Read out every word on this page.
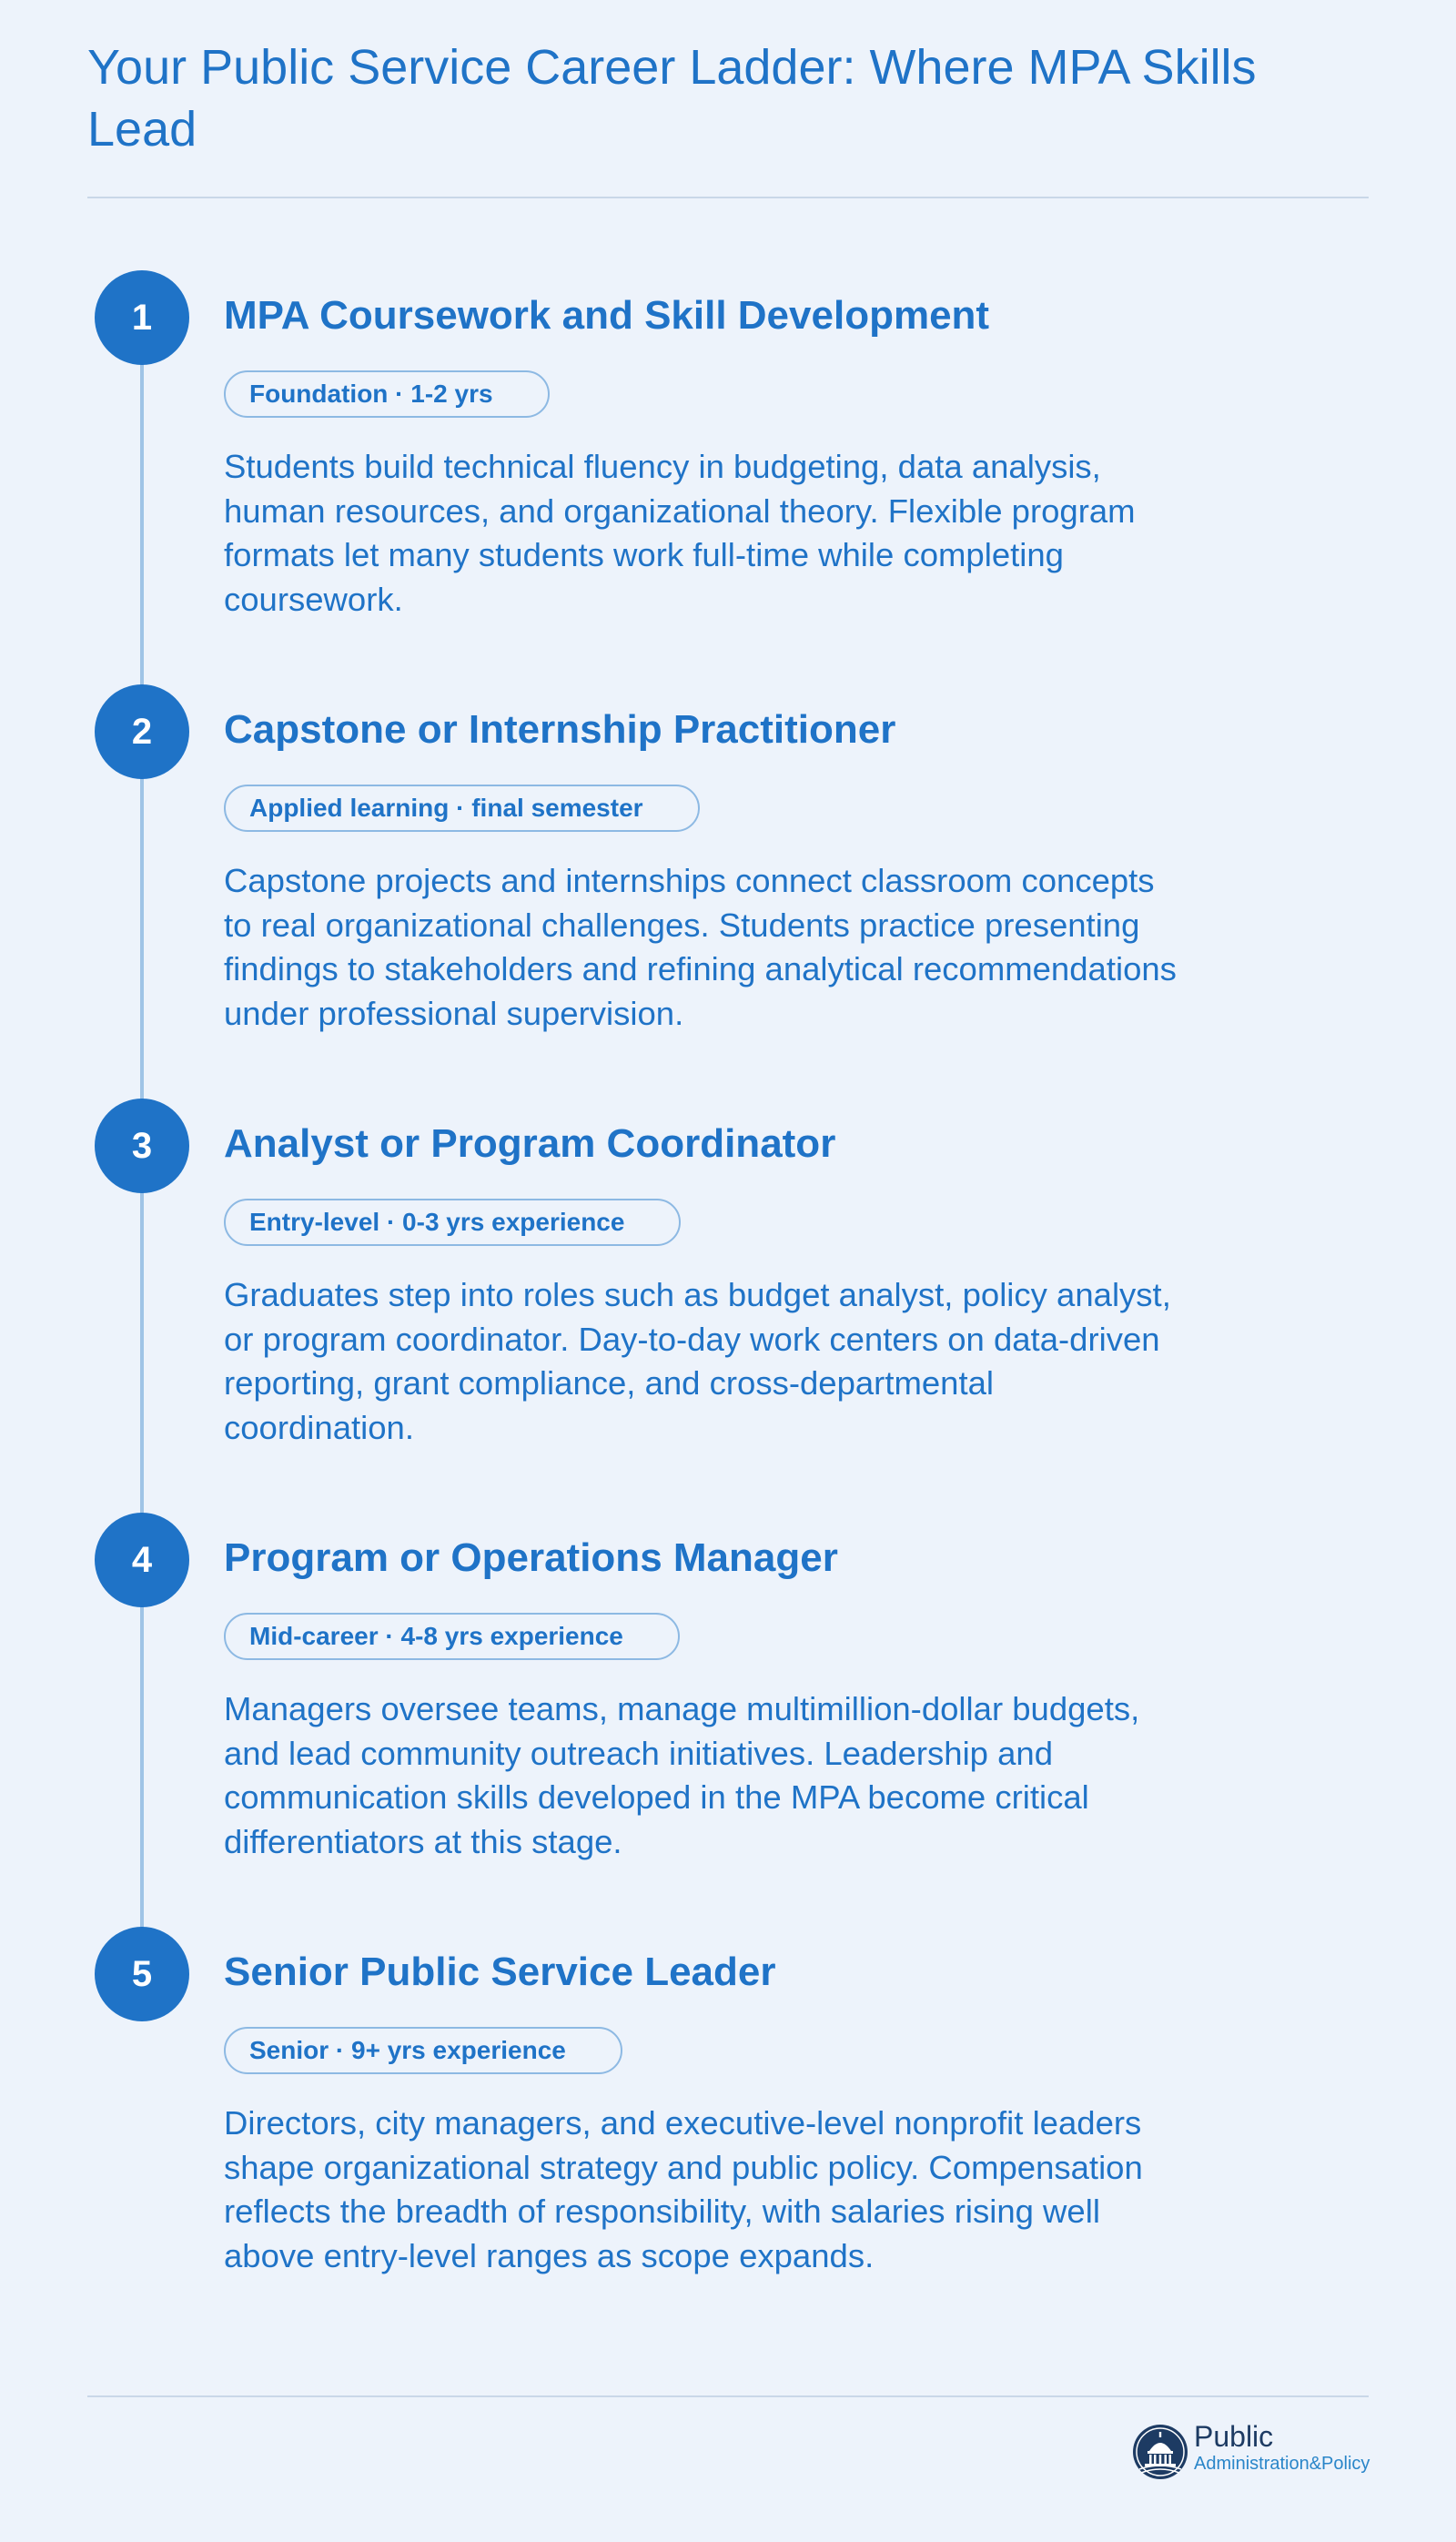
Your Public Service Career Ladder: Where MPA Skills Lead
1	MPA Coursework and Skill Development
Foundation · 1-2 yrs

Students build technical fluency in budgeting, data analysis, human resources, and organizational theory. Flexible program formats let many students work full-time while completing coursework.

2	Capstone or Internship Practitioner
Applied learning · final semester

Capstone projects and internships connect classroom concepts to real organizational challenges. Students practice presenting findings to stakeholders and refining analytical recommendations under professional supervision.

3	Analyst or Program Coordinator
Entry-level · 0-3 yrs experience

Graduates step into roles such as budget analyst, policy analyst, or program coordinator. Day-to-day work centers on data-driven reporting, grant compliance, and cross-departmental coordination.

4	Program or Operations Manager
Mid-career · 4-8 yrs experience

Managers oversee teams, manage multimillion-dollar budgets, and lead community outreach initiatives. Leadership and communication skills developed in the MPA become critical differentiators at this stage.

5	Senior Public Service Leader
Senior · 9+ yrs experience

Directors, city managers, and executive-level nonprofit leaders shape organizational strategy and public policy. Compensation reflects the breadth of responsibility, with salaries rising well above entry-level ranges as scope expands.

Public
Administration&Policy
